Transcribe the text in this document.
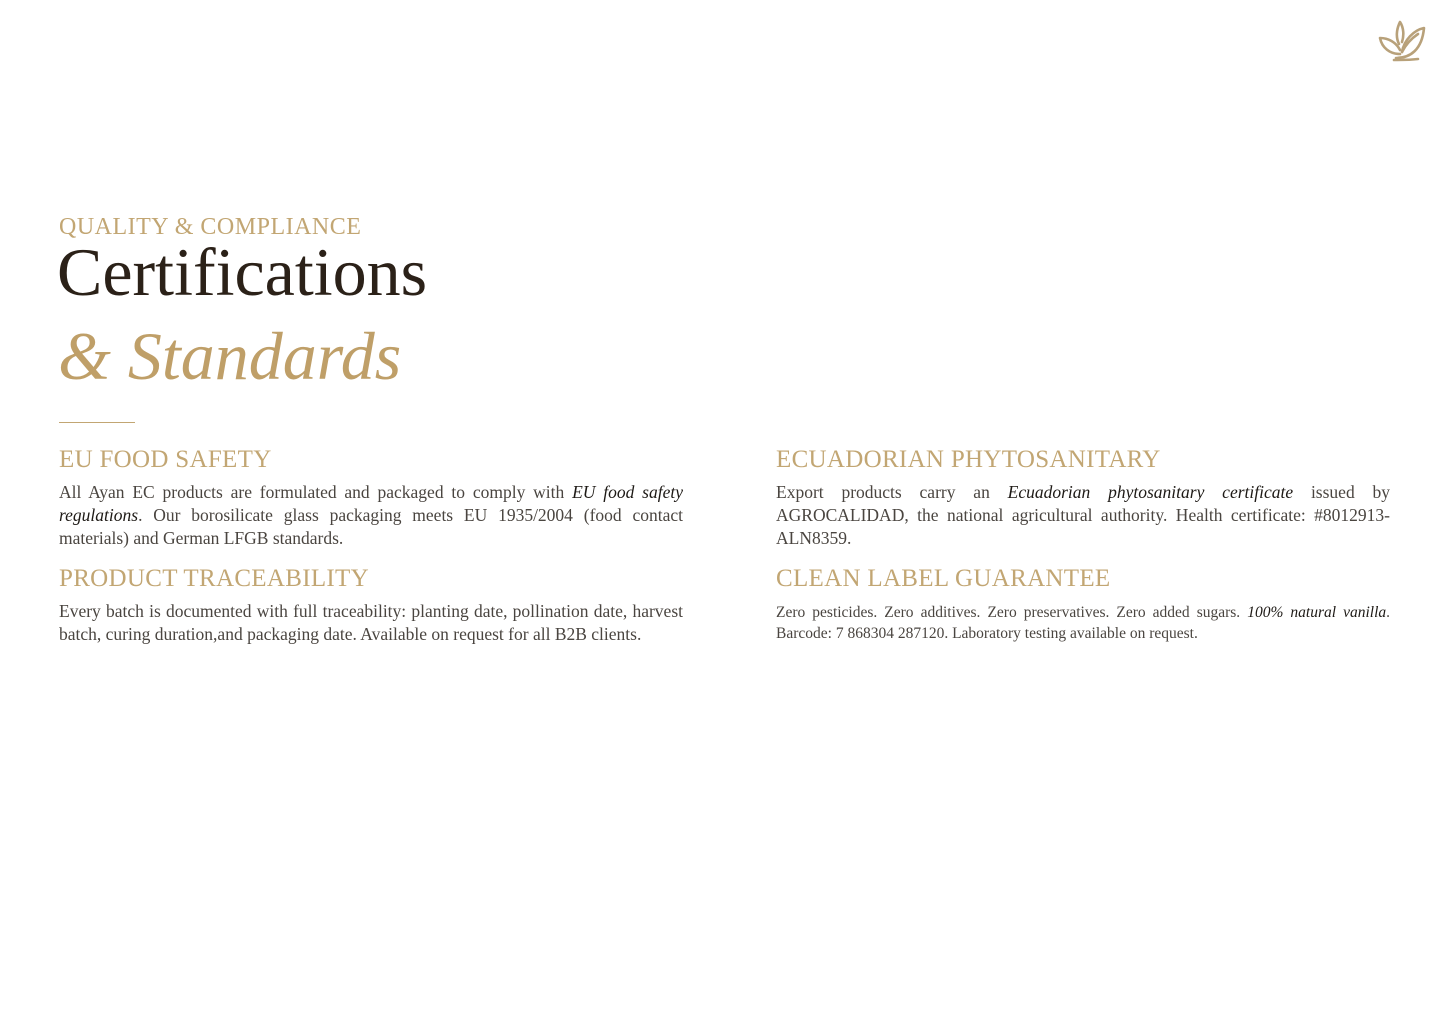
QUALITY & COMPLIANCE
Certifications
& Standards
EU FOOD SAFETY

All Ayan EC products are formulated and packaged to comply with EU food safety regulations. Our borosilicate glass packaging meets EU 1935/2004 (food contact materials) and German LFGB standards.

ECUADORIAN PHYTOSANITARY

Export products carry an Ecuadorian phytosanitary certificate issued by AGROCALIDAD, the national agricultural authority. Health certificate: #8012913-ALN8359.

PRODUCT TRACEABILITY

Every batch is documented with full traceability: planting date, pollination date, harvest batch, curing duration,and packaging date. Available on request for all B2B clients.

CLEAN LABEL GUARANTEE

Zero pesticides. Zero additives. Zero preservatives. Zero added sugars. 100% natural vanilla. Barcode: 7 868304 287120. Laboratory testing available on request.
